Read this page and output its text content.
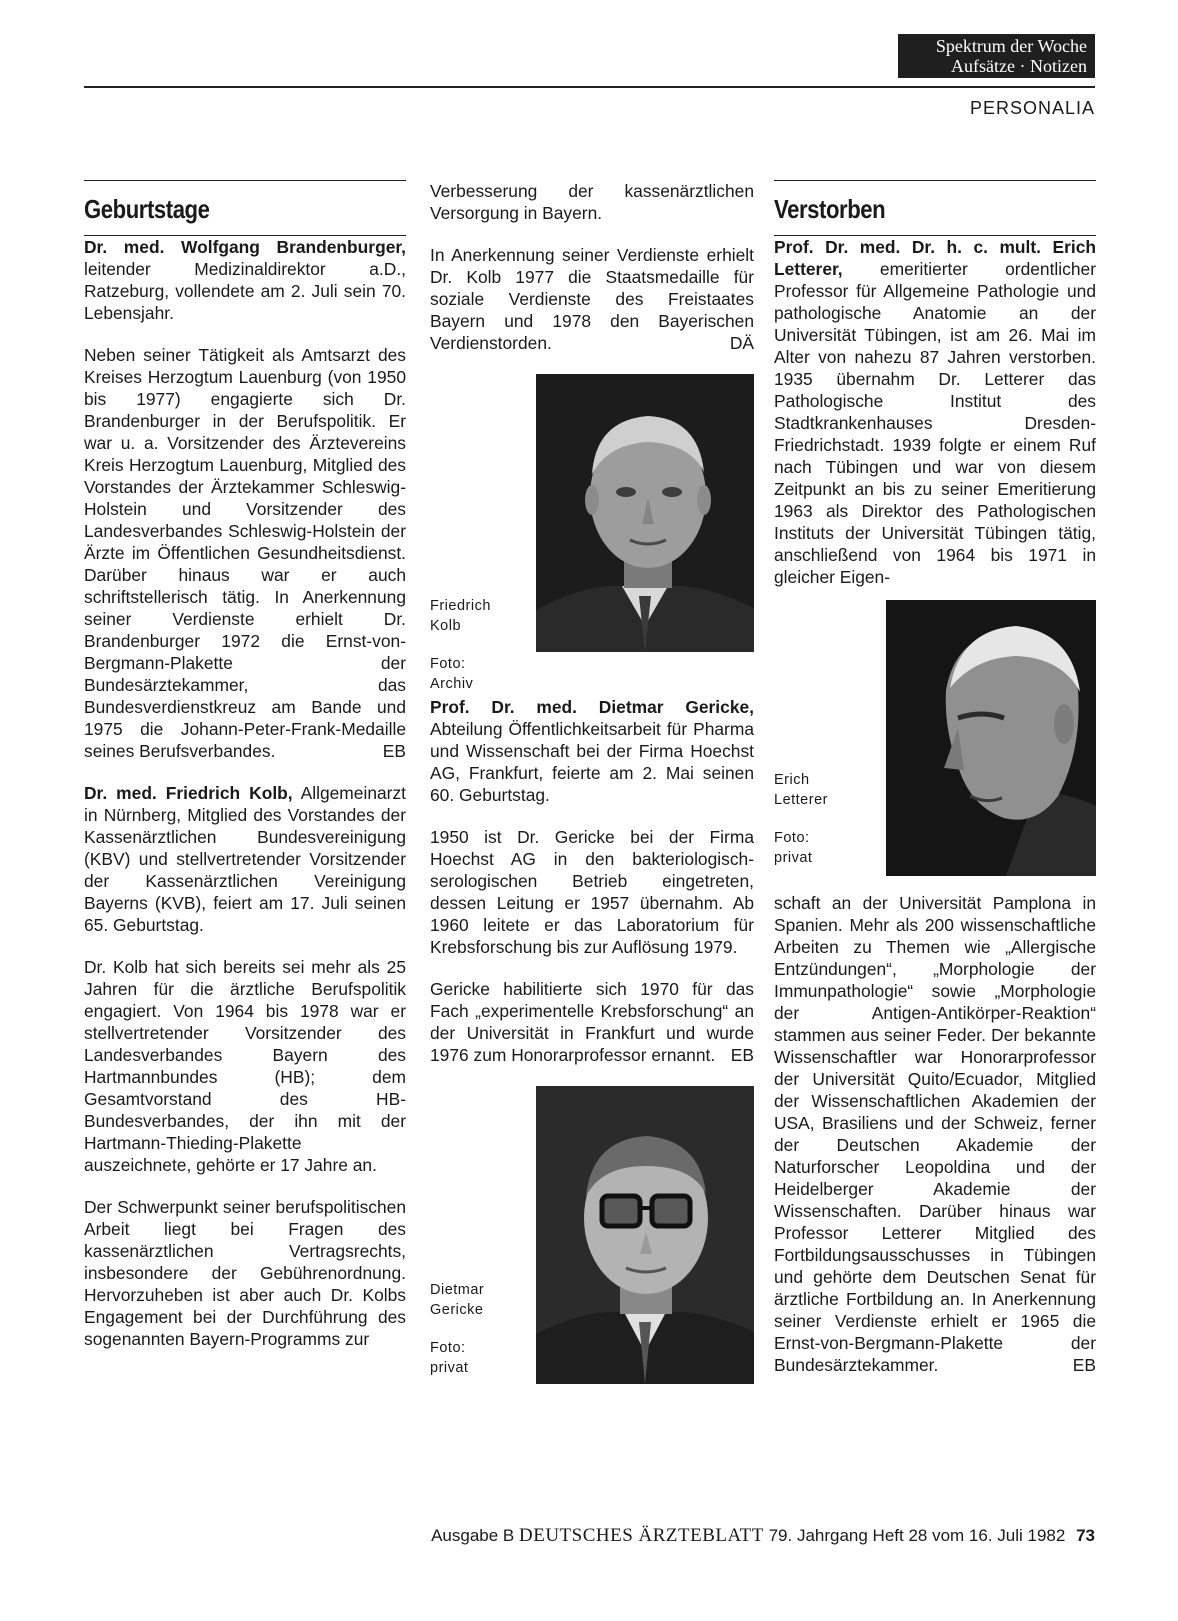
Spektrum der Woche
Aufsätze · Notizen
PERSONALIA
Geburtstage

Dr. med. Wolfgang Brandenburger, leitender Medizinaldirektor a.D., Ratzeburg, vollendete am 2. Juli sein 70. Lebensjahr.

Neben seiner Tätigkeit als Amtsarzt des Kreises Herzogtum Lauenburg (von 1950 bis 1977) engagierte sich Dr. Brandenburger in der Berufspolitik. Er war u. a. Vorsitzender des Ärztevereins Kreis Herzogtum Lauenburg, Mitglied des Vorstandes der Ärztekammer Schleswig-Holstein und Vorsitzender des Landesverbandes Schleswig-Holstein der Ärzte im Öffentlichen Gesundheitsdienst. Darüber hinaus war er auch schriftstellerisch tätig. In Anerkennung seiner Verdienste erhielt Dr. Brandenburger 1972 die Ernst-von-Bergmann-Plakette der Bundesärztekammer, das Bundesverdienstkreuz am Bande und 1975 die Johann-Peter-Frank-Medaille seines Berufsverbandes.	EB

Dr. med. Friedrich Kolb, Allgemeinarzt in Nürnberg, Mitglied des Vorstandes der Kassenärztlichen Bundesvereinigung (KBV) und stellvertretender Vorsitzender der Kassenärztlichen Vereinigung Bayerns (KVB), feiert am 17. Juli seinen 65. Geburtstag.

Dr. Kolb hat sich bereits sei mehr als 25 Jahren für die ärztliche Berufspolitik engagiert. Von 1964 bis 1978 war er stellvertretender Vorsitzender des Landesverbandes Bayern des Hartmannbundes (HB); dem Gesamtvorstand des HB-Bundesverbandes, der ihn mit der Hartmann-Thieding-Plakette auszeichnete, gehörte er 17 Jahre an.

Der Schwerpunkt seiner berufspolitischen Arbeit liegt bei Fragen des kassenärztlichen Vertragsrechts, insbesondere der Gebührenordnung. Hervorzuheben ist aber auch Dr. Kolbs Engagement bei der Durchführung des sogenannten Bayern-Programms zur

Verbesserung der kassenärztlichen Versorgung in Bayern.

In Anerkennung seiner Verdienste erhielt Dr. Kolb 1977 die Staatsmedaille für soziale Verdienste des Freistaates Bayern und 1978 den Bayerischen Verdienstorden.	DÄ

Friedrich
Kolb
Foto:
Archiv

Prof. Dr. med. Dietmar Gericke, Abteilung Öffentlichkeitsarbeit für Pharma und Wissenschaft bei der Firma Hoechst AG, Frankfurt, feierte am 2. Mai seinen 60. Geburtstag.

1950 ist Dr. Gericke bei der Firma Hoechst AG in den bakteriologisch-serologischen Betrieb eingetreten, dessen Leitung er 1957 übernahm. Ab 1960 leitete er das Laboratorium für Krebsforschung bis zur Auflösung 1979.

Gericke habilitierte sich 1970 für das Fach „experimentelle Krebsforschung“ an der Universität in Frankfurt und wurde 1976 zum Honorarprofessor ernannt. EB

Dietmar
Gericke
Foto:
privat
Verstorben

Prof. Dr. med. Dr. h. c. mult. Erich Letterer, emeritierter ordentlicher Professor für Allgemeine Pathologie und pathologische Anatomie an der Universität Tübingen, ist am 26. Mai im Alter von nahezu 87 Jahren verstorben. 1935 übernahm Dr. Letterer das Pathologische Institut des Stadtkrankenhauses Dresden-Friedrichstadt. 1939 folgte er einem Ruf nach Tübingen und war von diesem Zeitpunkt an bis zu seiner Emeritierung 1963 als Direktor des Pathologischen Instituts der Universität Tübingen tätig, anschließend von 1964 bis 1971 in gleicher Eigen-

Erich
Letterer
Foto:
privat

schaft an der Universität Pamplona in Spanien. Mehr als 200 wissenschaftliche Arbeiten zu Themen wie „Allergische Entzündungen“, „Morphologie der Immunpathologie“ sowie „Morphologie der Antigen-Antikörper-Reaktion“ stammen aus seiner Feder. Der bekannte Wissenschaftler war Honorarprofessor der Universität Quito/Ecuador, Mitglied der Wissenschaftlichen Akademien der USA, Brasiliens und der Schweiz, ferner der Deutschen Akademie der Naturforscher Leopoldina und der Heidelberger Akademie der Wissenschaften. Darüber hinaus war Professor Letterer Mitglied des Fortbildungsausschusses in Tübingen und gehörte dem Deutschen Senat für ärztliche Fortbildung an. In Anerkennung seiner Verdienste erhielt er 1965 die Ernst-von-Bergmann-Plakette der Bundesärztekammer.	EB

Ausgabe B DEUTSCHES ÄRZTEBLATT 79. Jahrgang Heft 28 vom 16. Juli 1982 73
